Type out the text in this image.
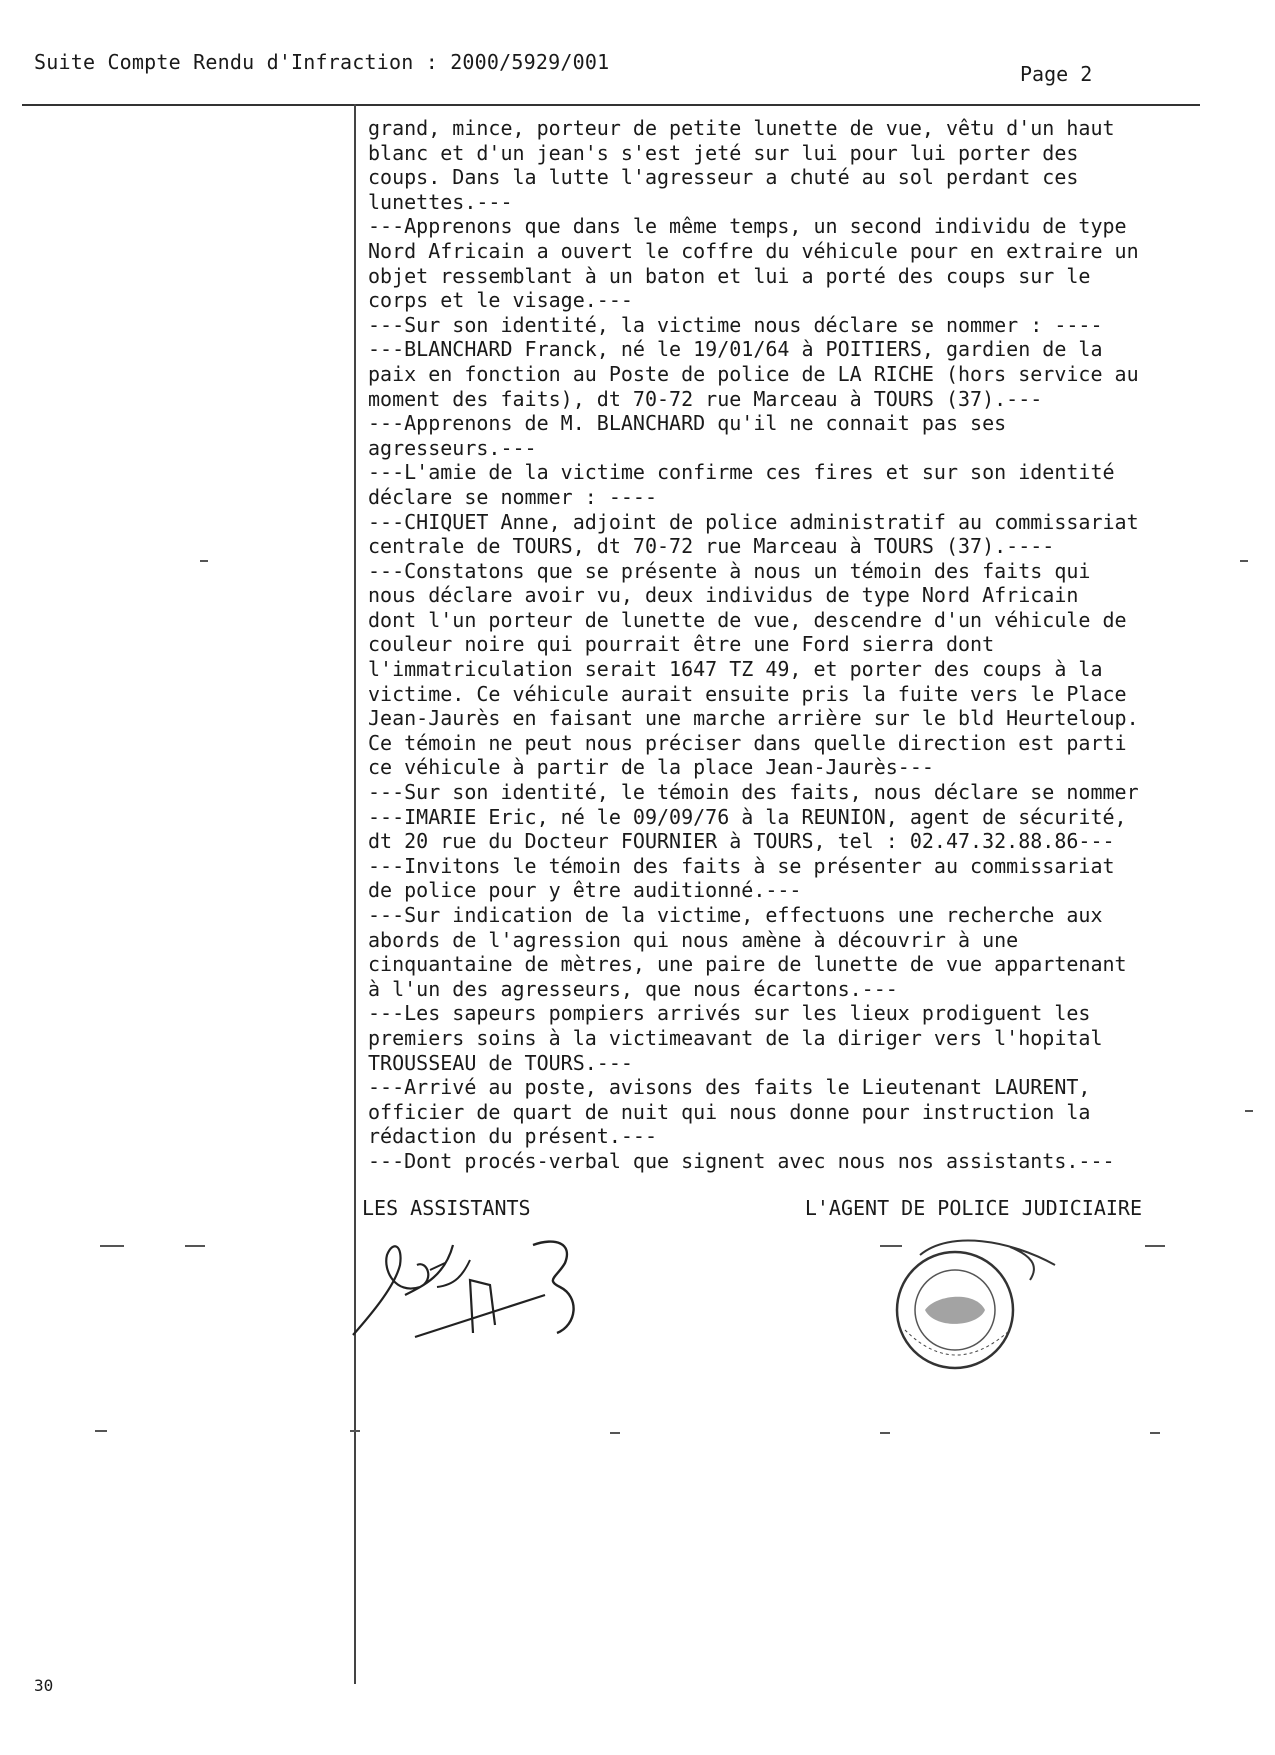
Suite Compte Rendu d'Infraction : 2000/5929/001	Page 2
grand, mince, porteur de petite lunette de vue, vêtu d'un haut
blanc et d'un jean's s'est jeté sur lui pour lui porter des
coups. Dans la lutte l'agresseur a chuté au sol perdant ces
lunettes.---
---Apprenons que dans le même temps, un second individu de type
Nord Africain a ouvert le coffre du véhicule pour en extraire un
objet ressemblant à un baton et lui a porté des coups sur le
corps et le visage.---
---Sur son identité, la victime nous déclare se nommer : ----
---BLANCHARD Franck, né le 19/01/64 à POITIERS, gardien de la
paix en fonction au Poste de police de LA RICHE (hors service au
moment des faits), dt 70-72 rue Marceau à TOURS (37).---
---Apprenons de M. BLANCHARD qu'il ne connait pas ses
agresseurs.---
---L'amie de la victime confirme ces fires et sur son identité
déclare se nommer : ----
---CHIQUET Anne, adjoint de police administratif au commissariat
centrale de TOURS, dt 70-72 rue Marceau à TOURS (37).----
---Constatons que se présente à nous un témoin des faits qui
nous déclare avoir vu, deux individus de type Nord Africain
dont l'un porteur de lunette de vue, descendre d'un véhicule de
couleur noire qui pourrait être une Ford sierra dont
l'immatriculation serait 1647 TZ 49, et porter des coups à la
victime. Ce véhicule aurait ensuite pris la fuite vers le Place
Jean-Jaurès en faisant une marche arrière sur le bld Heurteloup.
Ce témoin ne peut nous préciser dans quelle direction est parti
ce véhicule à partir de la place Jean-Jaurès---
---Sur son identité, le témoin des faits, nous déclare se nommer
---IMARIE Eric, né le 09/09/76 à la REUNION, agent de sécurité,
dt 20 rue du Docteur FOURNIER à TOURS, tel : 02.47.32.88.86---
---Invitons le témoin des faits à se présenter au commissariat
de police pour y être auditionné.---
---Sur indication de la victime, effectuons une recherche aux
abords de l'agression qui nous amène à découvrir à une
cinquantaine de mètres, une paire de lunette de vue appartenant
à l'un des agresseurs, que nous écartons.---
---Les sapeurs pompiers arrivés sur les lieux prodiguent les
premiers soins à la victimeavant de la diriger vers l'hopital
TROUSSEAU de TOURS.---
---Arrivé au poste, avisons des faits le Lieutenant LAURENT,
officier de quart de nuit qui nous donne pour instruction la
rédaction du présent.---
---Dont procés-verbal que signent avec nous nos assistants.---
LES ASSISTANTS	L'AGENT DE POLICE JUDICIAIRE
30
